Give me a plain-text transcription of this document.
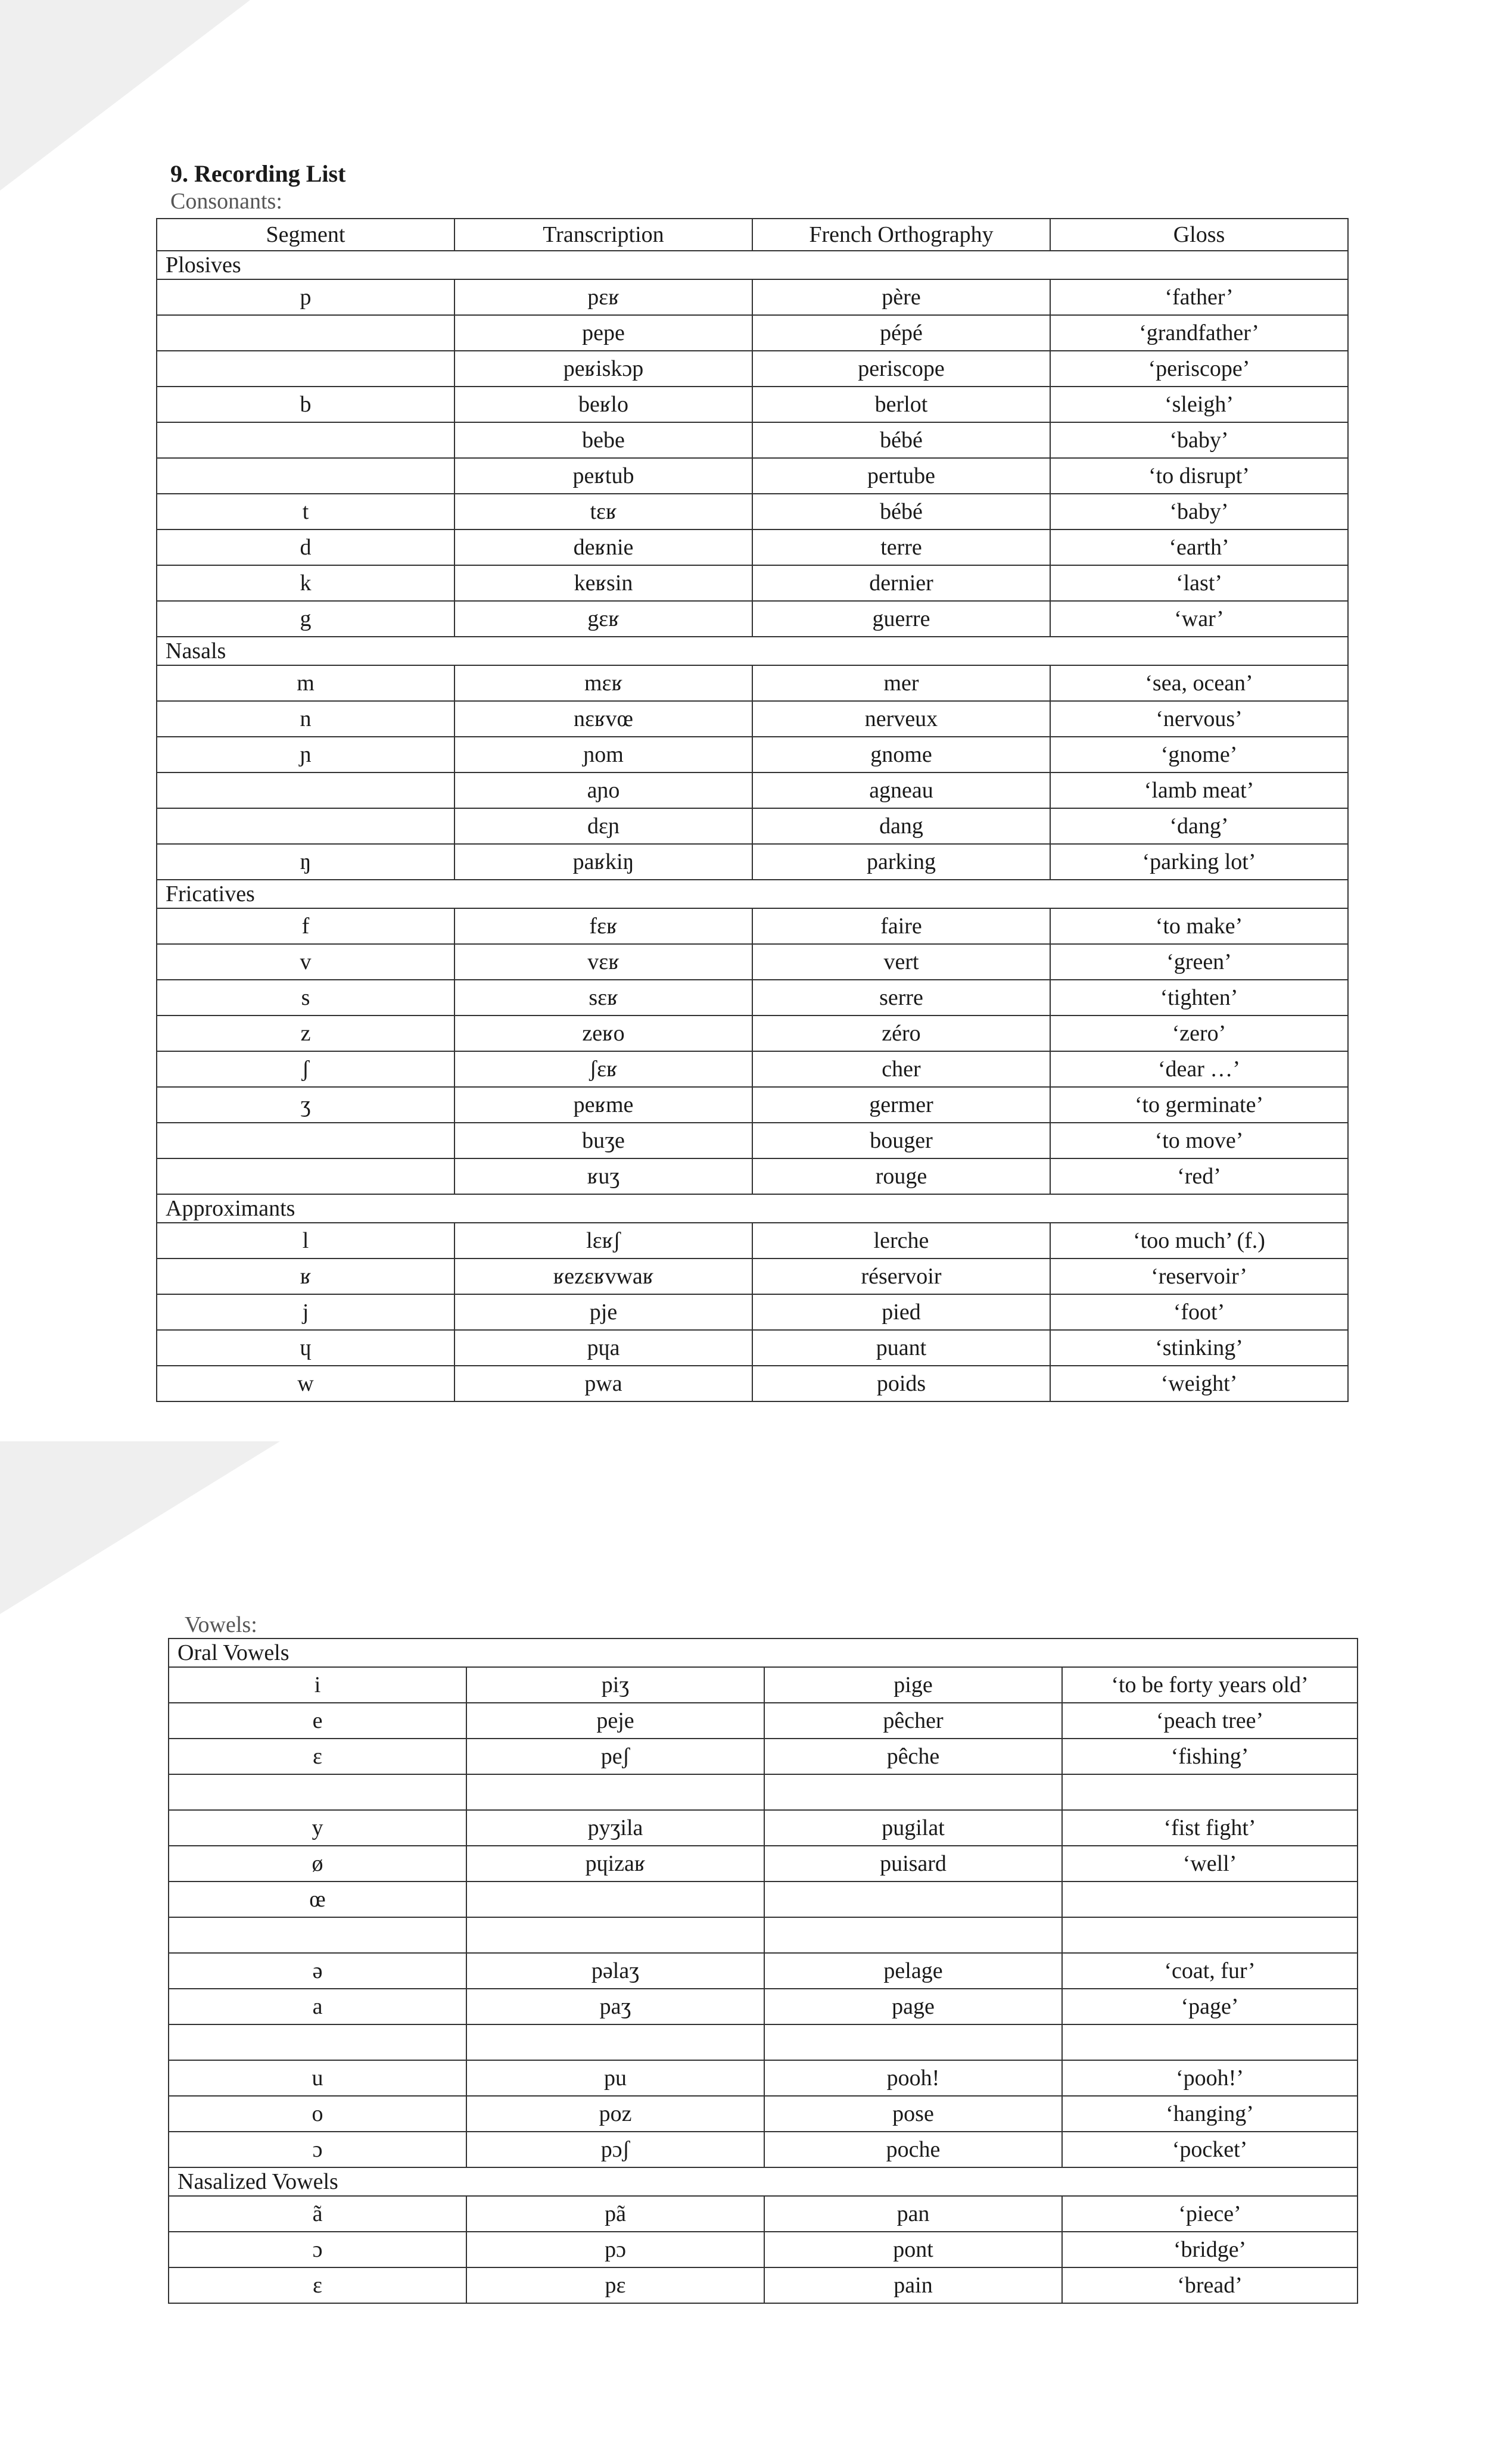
9. Recording List
Consonants:
Segment	Transcription	French Orthography	Gloss
Plosives			
p	pɛʁ	père	‘father’
	pepe	pépé	‘grandfather’
	peʁiskɔp	periscope	‘periscope’
b	beʁlo	berlot	‘sleigh’
	bebe	bébé	‘baby’
	peʁtub	pertube	‘to disrupt’
t	tɛʁ	bébé	‘baby’
d	deʁnie	terre	‘earth’
k	keʁsin	dernier	‘last’
g	gɛʁ	guerre	‘war’
Nasals			
m	mɛʁ	mer	‘sea, ocean’
n	nɛʁvœ	nerveux	‘nervous’
ɲ	ɲom	gnome	‘gnome’
	aɲo	agneau	‘lamb meat’
	dɛɲ	dang	‘dang’
ŋ	paʁkiŋ	parking	‘parking lot’
Fricatives			
f	fɛʁ	faire	‘to make’
v	vɛʁ	vert	‘green’
s	sɛʁ	serre	‘tighten’
z	zeʁo	zéro	‘zero’
ʃ	ʃɛʁ	cher	‘dear …’
ʒ	peʁme	germer	‘to germinate’
	buʒe	bouger	‘to move’
	ʁuʒ	rouge	‘red’
Approximants			
l	lɛʁʃ	lerche	‘too much’ (f.)
ʁ	ʁezɛʁvwaʁ	réservoir	‘reservoir’
j	pje	pied	‘foot’
ɥ	pɥa	puant	‘stinking’
w	pwa	poids	‘weight’
Vowels:
Oral Vowels			
i	piʒ	pige	‘to be forty years old’
e	peje	pêcher	‘peach tree’
ɛ	peʃ	pêche	‘fishing’

y	pyʒila	pugilat	‘fist fight’
ø	pɥizaʁ	puisard	‘well’
œ			

ə	pəlaʒ	pelage	‘coat, fur’
a	paʒ	page	‘page’

u	pu	pooh!	‘pooh!’
o	poz	pose	‘hanging’
ɔ	pɔʃ	poche	‘pocket’
Nasalized Vowels			
ã	pã	pan	‘piece’
ɔ	pɔ	pont	‘bridge’
ɛ	pɛ	pain	‘bread’
